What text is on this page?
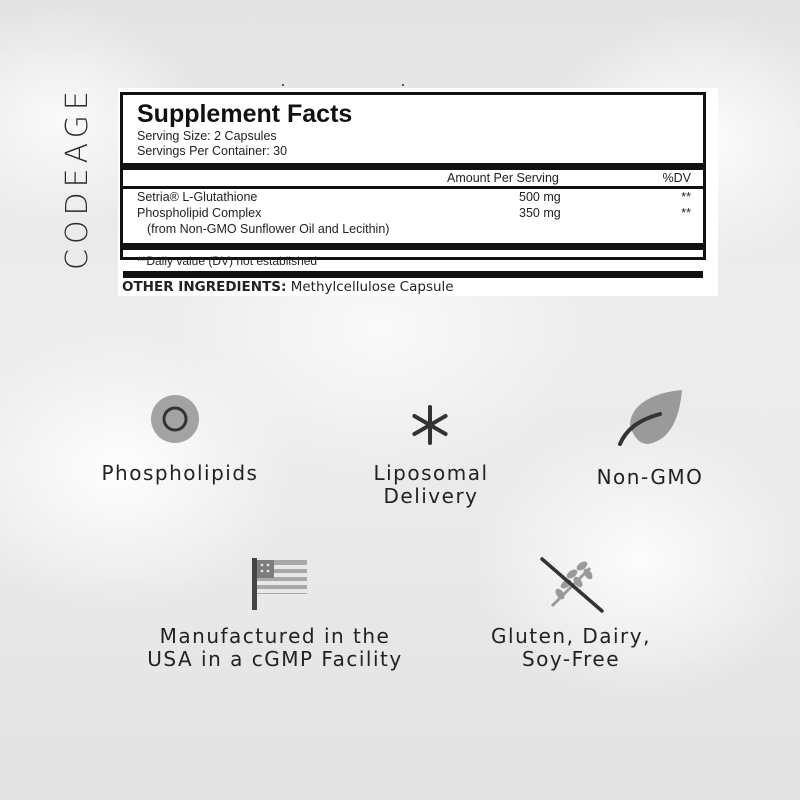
CODEAGE Supplement Facts
Serving Size: 2 Capsules
Servings Per Container: 30
Amount Per Serving	%DV
Setria® L-Glutathione	500 mg	**
Phospholipid Complex	350 mg	**
(from Non-GMO Sunflower Oil and Lecithin)
**Daily value (DV) not established
OTHER INGREDIENTS: Methylcellulose Capsule
Phospholipids	Liposomal
Delivery
Non-GMO
Manufactured in the
USA in a cGMP Facility
Gluten, Dairy,
Soy-Free
